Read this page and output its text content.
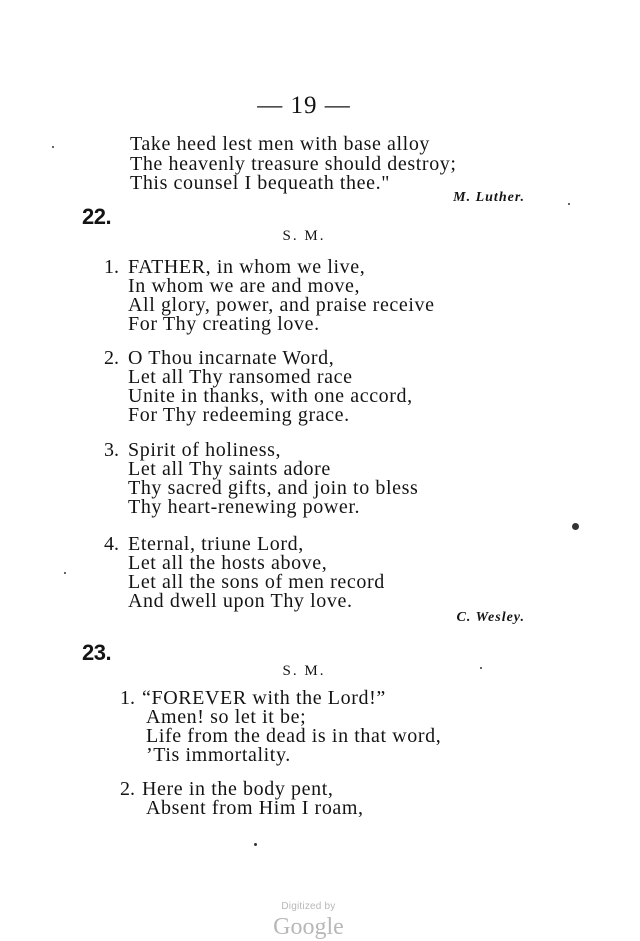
— 19 —
Take heed lest men with base alloy
The heavenly treasure should destroy;
This counsel I bequeath thee."
M. Luther.
22.
S. M.
1. FATHER, in whom we live,
In whom we are and move,
All glory, power, and praise receive
For Thy creating love.
2. O Thou incarnate Word,
Let all Thy ransomed race
Unite in thanks, with one accord,
For Thy redeeming grace.
3. Spirit of holiness,
Let all Thy saints adore
Thy sacred gifts, and join to bless
Thy heart-renewing power.
4. Eternal, triune Lord,
Let all the hosts above,
Let all the sons of men record
And dwell upon Thy love.
C. Wesley.
23.
S. M.
1. “FOREVER with the Lord!”
Amen! so let it be;
Life from the dead is in that word,
’Tis immortality.
2. Here in the body pent,
Absent from Him I roam,

Digitized by
Google
